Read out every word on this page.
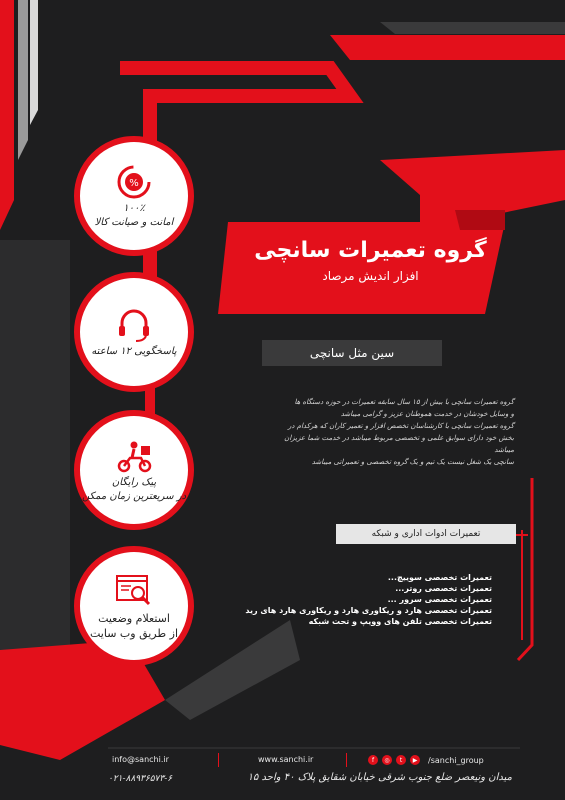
%
۱۰۰٪
امانت و صیانت کالا
پاسخگویی ۱۲ ساعته
پیک رایگان
در سریعترین زمان ممکن
استعلام وضعیت
از طریق وب سایت
گروه تعمیرات سانچی
افزار اندیش مرصاد
سین مثل سانچی
گروه تعمیرات سانچی با بیش از ۱۵ سال سابقه تعمیرات در حوزه دستگاه ها
و وسایل خودشان در خدمت هموطنان عزیز و گرامی میباشد
گروه تعمیرات سانچی با کارشناسان تخصص افزار و تعمیر کاران که هرکدام در
بخش خود دارای سوابق علمی و تخصصی مربوط میباشد در خدمت شما عزیزان
میباشد
سانچی یک شغل نیست یک تیم و یک گروه تخصصی و تعمیراتی میباشد
تعمیرات ادوات اداری و شبکه
تعمیرات تخصصی سوییچ...
تعمیرات تخصصی روتر...
تعمیرات تخصصی سرور ...
تعمیرات تخصصی هارد و ریکاوری هارد و ریکاوری هارد های رید
تعمیرات تخصصی تلفن های وویپ و تحت شبکه
info@sanchi.ir	www.sanchi.ir	f	◎	t	▶	/sanchi_group
۰۲۱-۸۸۹۳۶۵۷۳-۶	میدان ونیعصر ضلع جنوب شرقی خیابان شقایق پلاک ۴۰ واحد ۱۵
